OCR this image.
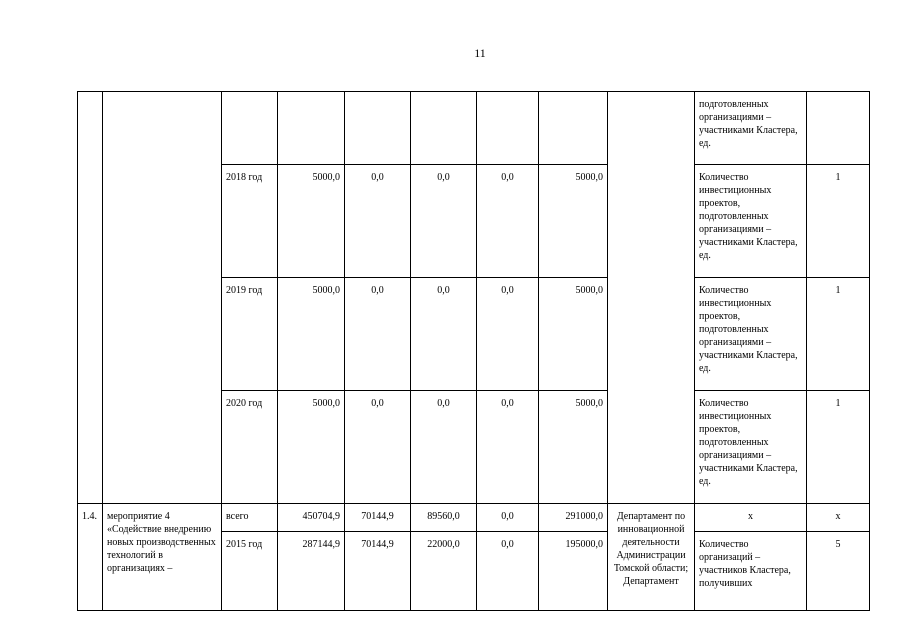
11
									подготовленных организациями – участниками Кластера, ед.	
		2018 год	5000,0	0,0	0,0	0,0	5000,0		Количество инвестиционных проектов, подготовленных организациями – участниками Кластера, ед.	1
		2019 год	5000,0	0,0	0,0	0,0	5000,0		Количество инвестиционных проектов, подготовленных организациями – участниками Кластера, ед.	1
		2020 год	5000,0	0,0	0,0	0,0	5000,0		Количество инвестиционных проектов, подготовленных организациями – участниками Кластера, ед.	1
1.4.	мероприятие 4 «Содействие внедрению новых производственных технологий в организациях –	всего	450704,9	70144,9	89560,0	0,0	291000,0	Департамент по инновационной деятельности Администрации Томской области; Департамент	х	х
		2015 год	287144,9	70144,9	22000,0	0,0	195000,0		Количество организаций – участников Кластера, получивших	5
